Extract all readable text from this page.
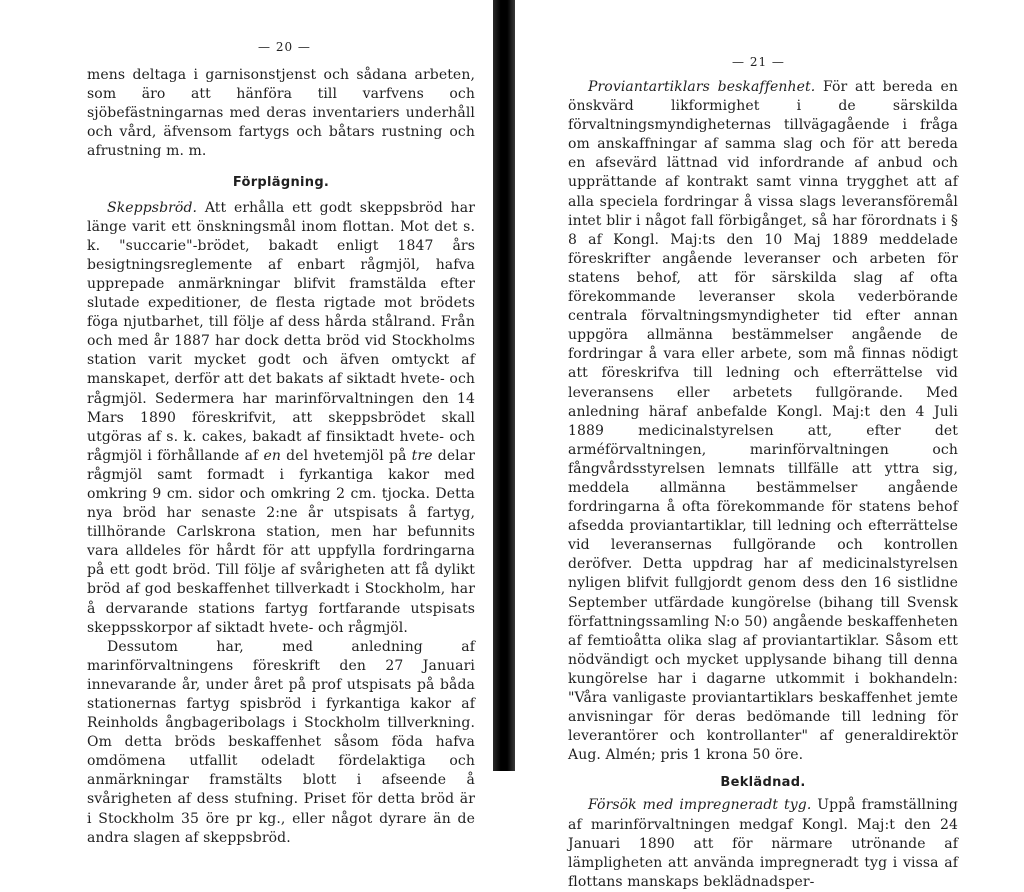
— 20 —

mens deltaga i garnisonstjenst och sådana arbeten, som äro att hänföra till varfvens och sjöbefästningarnas med deras inventariers underhåll och vård, äfvensom fartygs och båtars rustning och afrustning m. m.

Förplägning.

Skeppsbröd. Att erhålla ett godt skeppsbröd har länge varit ett önskningsmål inom flottan. Mot det s. k. "succarie"-brödet, bakadt enligt 1847 års besigtningsreglemente af enbart rågmjöl, hafva upprepade anmärkningar blifvit framstälda efter slutade expeditioner, de flesta rigtade mot brödets föga njutbarhet, till följe af dess hårda stålrand. Från och med år 1887 har dock detta bröd vid Stockholms station varit mycket godt och äfven omtyckt af manskapet, derför att det bakats af siktadt hvete- och rågmjöl. Sedermera har marinförvaltningen den 14 Mars 1890 föreskrifvit, att skeppsbrödet skall utgöras af s. k. cakes, bakadt af finsiktadt hvete- och rågmjöl i förhållande af en del hvetemjöl på tre delar rågmjöl samt formadt i fyrkantiga kakor med omkring 9 cm. sidor och omkring 2 cm. tjocka. Detta nya bröd har senaste 2:ne år utspisats å fartyg, tillhörande Carlskrona station, men har befunnits vara alldeles för hårdt för att uppfylla fordringarna på ett godt bröd. Till följe af svårigheten att få dylikt bröd af god beskaffenhet tillverkadt i Stockholm, har å dervarande stations fartyg fortfarande utspisats skeppsskorpor af siktadt hvete- och rågmjöl.

Dessutom har, med anledning af marinförvaltningens föreskrift den 27 Januari innevarande år, under året på prof utspisats på båda stationernas fartyg spisbröd i fyrkantiga kakor af Reinholds ångbageribolags i Stockholm tillverkning. Om detta bröds beskaffenhet såsom föda hafva omdömena utfallit odeladt fördelaktiga och anmärkningar framstälts blott i afseende å svårigheten af dess stufning. Priset för detta bröd är i Stockholm 35 öre pr kg., eller något dyrare än de andra slagen af skeppsbröd.

— 21 —

Proviantartiklars beskaffenhet. För att bereda en önskvärd likformighet i de särskilda förvaltningsmyndigheternas tillvägagående i fråga om anskaffningar af samma slag och för att bereda en afsevärd lättnad vid infordrande af anbud och upprättande af kontrakt samt vinna trygghet att af alla speciela fordringar å vissa slags leveransföremål intet blir i något fall förbigånget, så har förordnats i § 8 af Kongl. Maj:ts den 10 Maj 1889 meddelade föreskrifter angående leveranser och arbeten för statens behof, att för särskilda slag af ofta förekommande leveranser skola vederbörande centrala förvaltningsmyndigheter tid efter annan uppgöra allmänna bestämmelser angående de fordringar å vara eller arbete, som må finnas nödigt att föreskrifva till ledning och efterrättelse vid leveransens eller arbetets fullgörande. Med anledning häraf anbefalde Kongl. Maj:t den 4 Juli 1889 medicinalstyrelsen att, efter det arméförvaltningen, marinförvaltningen och fångvårdsstyrelsen lemnats tillfälle att yttra sig, meddela allmänna bestämmelser angående fordringarna å ofta förekommande för statens behof afsedda proviantartiklar, till ledning och efterrättelse vid leveransernas fullgörande och kontrollen deröfver. Detta uppdrag har af medicinalstyrelsen nyligen blifvit fullgjordt genom dess den 16 sistlidne September utfärdade kungörelse (bihang till Svensk författningssamling N:o 50) angående beskaffenheten af femtioåtta olika slag af proviantartiklar. Såsom ett nödvändigt och mycket upplysande bihang till denna kungörelse har i dagarne utkommit i bokhandeln: "Våra vanligaste proviantartiklars beskaffenhet jemte anvisningar för deras bedömande till ledning för leverantörer och kontrollanter" af generaldirektör Aug. Almén; pris 1 krona 50 öre.

Beklädnad.

Försök med impregneradt tyg. Uppå framställning af marinförvaltningen medgaf Kongl. Maj:t den 24 Januari 1890 att för närmare utrönande af lämpligheten att använda impregneradt tyg i vissa af flottans manskaps beklädnadsper-
